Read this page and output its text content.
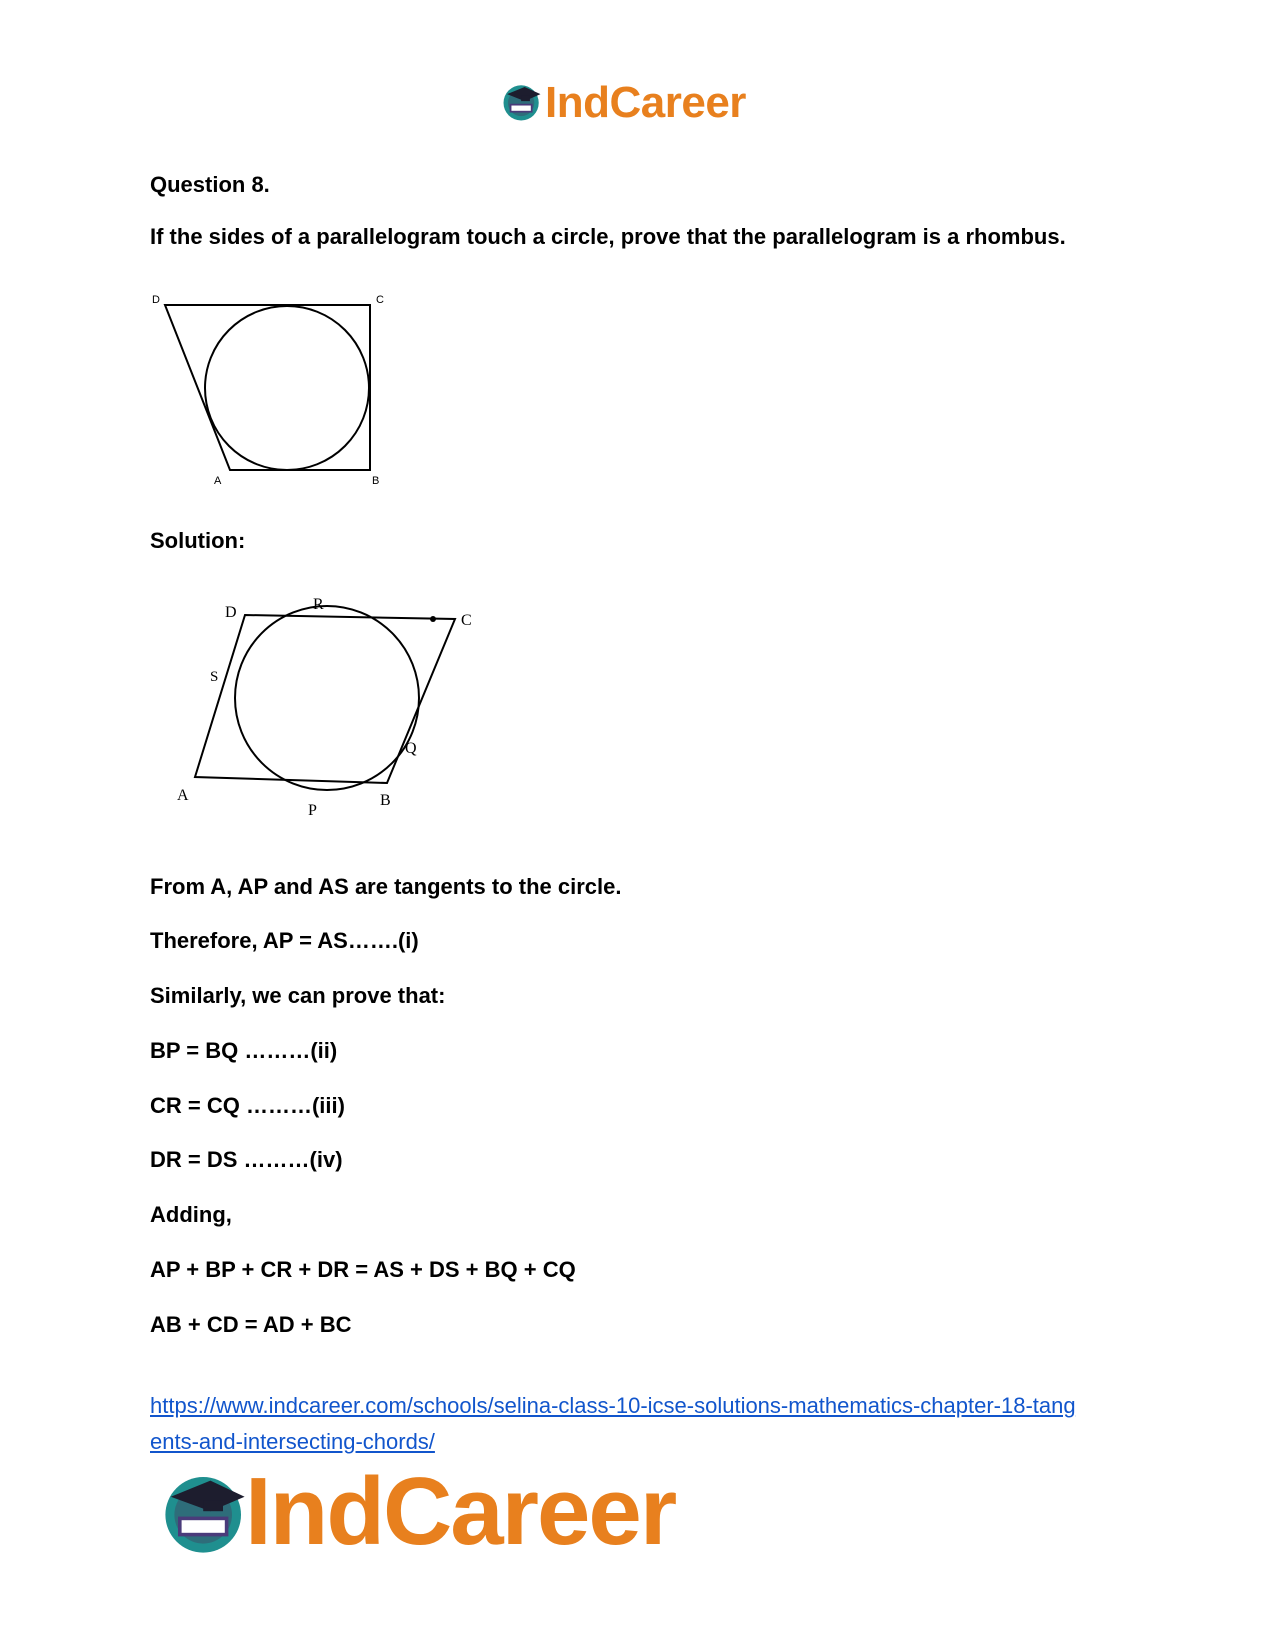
IndCareer
Question 8.
If the sides of a parallelogram touch a circle, prove that the parallelogram is a rhombus.
D	C
A	B
Solution:
D	R
C
S
Q
A
P
B
From A, AP and AS are tangents to the circle.
Therefore, AP = AS…….(i)
Similarly, we can prove that:
BP = BQ ………(ii)
CR = CQ ………(iii)
DR = DS ………(iv)
Adding,
AP + BP + CR + DR = AS + DS + BQ + CQ
AB + CD = AD + BC
https://www.indcareer.com/schools/selina-class-10-icse-solutions-mathematics-chapter-18-tang
ents-and-intersecting-chords/
IndCareer
